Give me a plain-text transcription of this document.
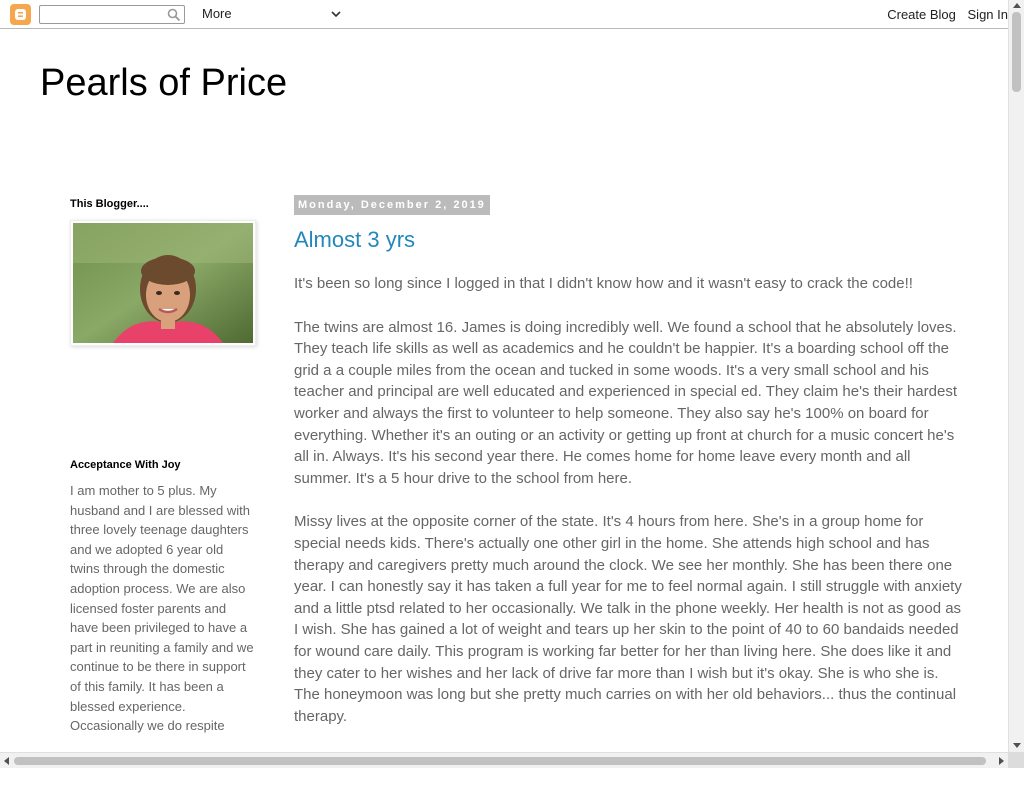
More	Create Blog Sign In
Pearls of Price
This Blogger....
Acceptance With Joy
I am mother to 5 plus. My husband and I are blessed with three lovely teenage daughters and we adopted 6 year old twins through the domestic adoption process. We are also licensed foster parents and have been privileged to have a part in reuniting a family and we continue to be there in support of this family. It has been a blessed experience. Occasionally we do respite
Monday, December 2, 2019
Almost 3 yrs

It's been so long since I logged in that I didn't know how and it wasn't easy to crack the code!!

The twins are almost 16. James is doing incredibly well. We found a school that he absolutely loves. They teach life skills as well as academics and he couldn't be happier. It's a boarding school off the grid a a couple miles from the ocean and tucked in some woods. It's a very small school and his teacher and principal are well educated and experienced in special ed. They claim he's their hardest worker and always the first to volunteer to help someone. They also say he's 100% on board for everything. Whether it's an outing or an activity or getting up front at church for a music concert he's all in. Always. It's his second year there. He comes home for home leave every month and all summer. It's a 5 hour drive to the school from here.

Missy lives at the opposite corner of the state. It's 4 hours from here. She's in a group home for special needs kids. There's actually one other girl in the home. She attends high school and has therapy and caregivers pretty much around the clock. We see her monthly. She has been there one year. I can honestly say it has taken a full year for me to feel normal again. I still struggle with anxiety and a little ptsd related to her occasionally. We talk in the phone weekly. Her health is not as good as I wish. She has gained a lot of weight and tears up her skin to the point of 40 to 60 bandaids needed for wound care daily. This program is working far better for her than living here. She does like it and they cater to her wishes and her lack of drive far more than I wish but it's okay. She is who she is. The honeymoon was long but she pretty much carries on with her old behaviors... thus the continual therapy.
